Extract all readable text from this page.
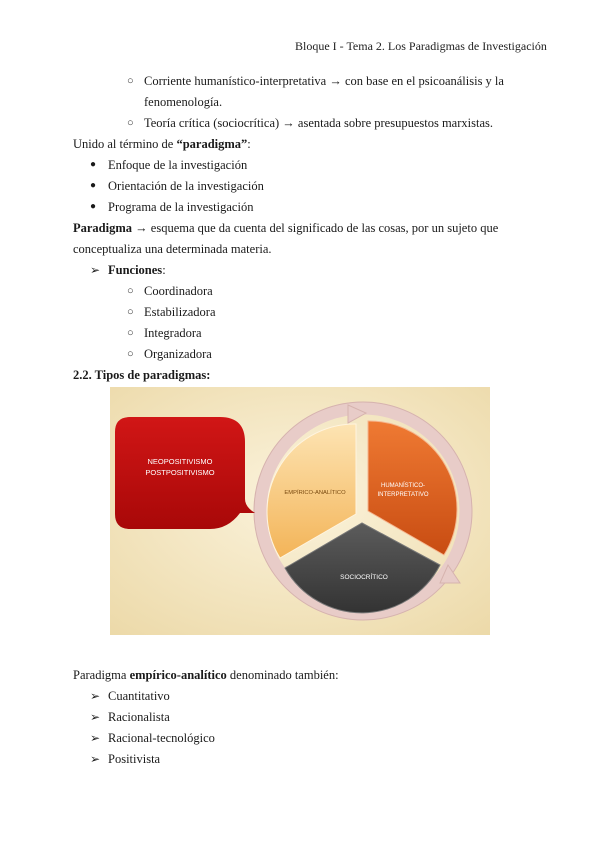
Bloque I - Tema 2. Los Paradigmas de Investigación
○ Corriente humanístico-interpretativa → con base en el psicoanálisis y la
fenomenología.
○ Teoría crítica (sociocrítica) → asentada sobre presupuestos marxistas.
Unido al término de “paradigma”:
● Enfoque de la investigación
● Orientación de la investigación
● Programa de la investigación
Paradigma → esquema que da cuenta del significado de las cosas, por un sujeto que
conceptualiza una determinada materia.
➢ Funciones:
○ Coordinadora
○ Estabilizadora
○ Integradora
○ Organizadora
2.2. Tipos de paradigmas:
NEOPOSITIVISMO
POSTPOSITIVISMO
EMPÍRICO-ANALÍTICO
HUMANÍSTICO-
INTERPRETATIVO
SOCIOCRÍTICO
Paradigma empírico-analítico denominado también:
➢ Cuantitativo
➢ Racionalista
➢ Racional-tecnológico
➢ Positivista
